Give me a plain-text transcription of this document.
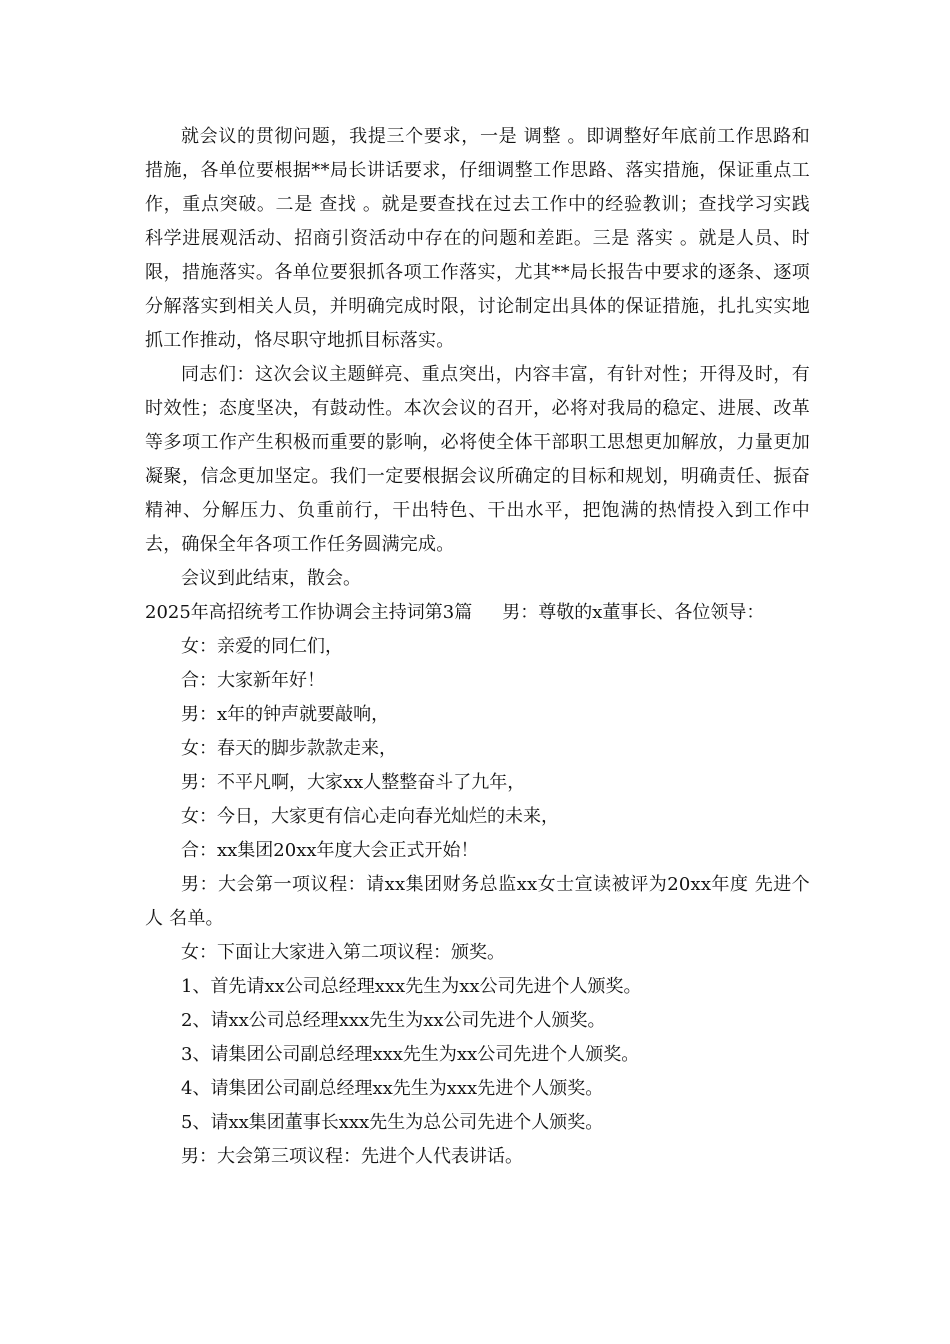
就会议的贯彻问题，我提三个要求，一是 调整 。即调整好年底前工作思路和措施，各单位要根据**局长讲话要求，仔细调整工作思路、落实措施，保证重点工作，重点突破。二是 查找 。就是要查找在过去工作中的经验教训；查找学习实践科学进展观活动、招商引资活动中存在的问题和差距。三是 落实 。就是人员、时限，措施落实。各单位要狠抓各项工作落实，尤其**局长报告中要求的逐条、逐项分解落实到相关人员，并明确完成时限，讨论制定出具体的保证措施，扎扎实实地抓工作推动，恪尽职守地抓目标落实。

同志们：这次会议主题鲜亮、重点突出，内容丰富，有针对性；开得及时，有时效性；态度坚决，有鼓动性。本次会议的召开，必将对我局的稳定、进展、改革等多项工作产生积极而重要的影响，必将使全体干部职工思想更加解放，力量更加凝聚，信念更加坚定。我们一定要根据会议所确定的目标和规划，明确责任、振奋精神、分解压力、负重前行，干出特色、干出水平，把饱满的热情投入到工作中去，确保全年各项工作任务圆满完成。

会议到此结束，散会。

2025年高招统考工作协调会主持词第3篇 男：尊敬的x董事长、各位领导：

女：亲爱的同仁们，

合：大家新年好！

男：x年的钟声就要敲响，

女：春天的脚步款款走来，

男：不平凡啊，大家xx人整整奋斗了九年，

女：今日，大家更有信心走向春光灿烂的未来，

合：xx集团20xx年度大会正式开始！

男：大会第一项议程：请xx集团财务总监xx女士宣读被评为20xx年度 先进个人 名单。

女：下面让大家进入第二项议程：颁奖。

1、首先请xx公司总经理xxx先生为xx公司先进个人颁奖。

2、请xx公司总经理xxx先生为xx公司先进个人颁奖。

3、请集团公司副总经理xxx先生为xx公司先进个人颁奖。

4、请集团公司副总经理xx先生为xxx先进个人颁奖。

5、请xx集团董事长xxx先生为总公司先进个人颁奖。

男：大会第三项议程：先进个人代表讲话。
